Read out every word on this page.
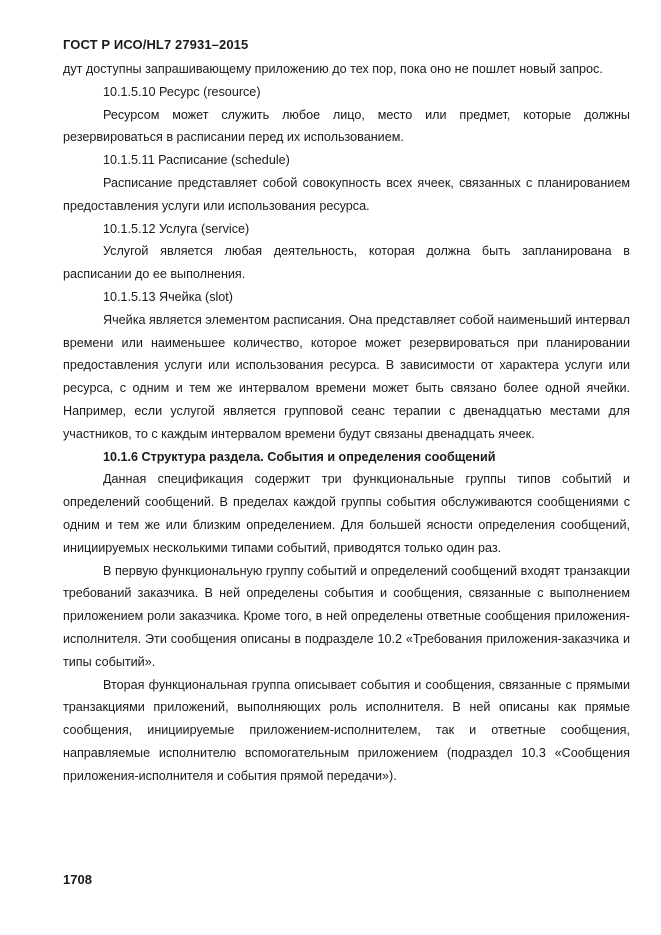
ГОСТ Р ИСО/HL7 27931–2015

дут доступны запрашивающему приложению до тех пор, пока оно не пошлет новый запрос.

10.1.5.10 Ресурс (resource)

Ресурсом может служить любое лицо, место или предмет, которые должны резервироваться в расписании перед их использованием.

10.1.5.11 Расписание (schedule)

Расписание представляет собой совокупность всех ячеек, связанных с планированием предоставления услуги или использования ресурса.

10.1.5.12 Услуга (service)

Услугой является любая деятельность, которая должна быть запланирована в расписании до ее выполнения.

10.1.5.13 Ячейка (slot)

Ячейка является элементом расписания. Она представляет собой наименьший интервал времени или наименьшее количество, которое может резервироваться при планировании предоставления услуги или использования ресурса. В зависимости от характера услуги или ресурса, с одним и тем же интервалом времени может быть связано более одной ячейки. Например, если услугой является групповой сеанс терапии с двенадцатью местами для участников, то с каждым интервалом времени будут связаны двенадцать ячеек.

10.1.6 Структура раздела. События и определения сообщений

Данная спецификация содержит три функциональные группы типов событий и определений сообщений. В пределах каждой группы события обслуживаются сообщениями с одним и тем же или близким определением. Для большей ясности определения сообщений, инициируемых несколькими типами событий, приводятся только один раз.

В первую функциональную группу событий и определений сообщений входят транзакции требований заказчика. В ней определены события и сообщения, связанные с выполнением приложением роли заказчика. Кроме того, в ней определены ответные сообщения приложения-исполнителя. Эти сообщения описаны в подразделе 10.2 «Требования приложения-заказчика и типы событий».

Вторая функциональная группа описывает события и сообщения, связанные с прямыми транзакциями приложений, выполняющих роль исполнителя. В ней описаны как прямые сообщения, инициируемые приложением-исполнителем, так и ответные сообщения, направляемые исполнителю вспомогательным приложением (подраздел 10.3 «Сообщения приложения-исполнителя и события прямой передачи»).

1708
